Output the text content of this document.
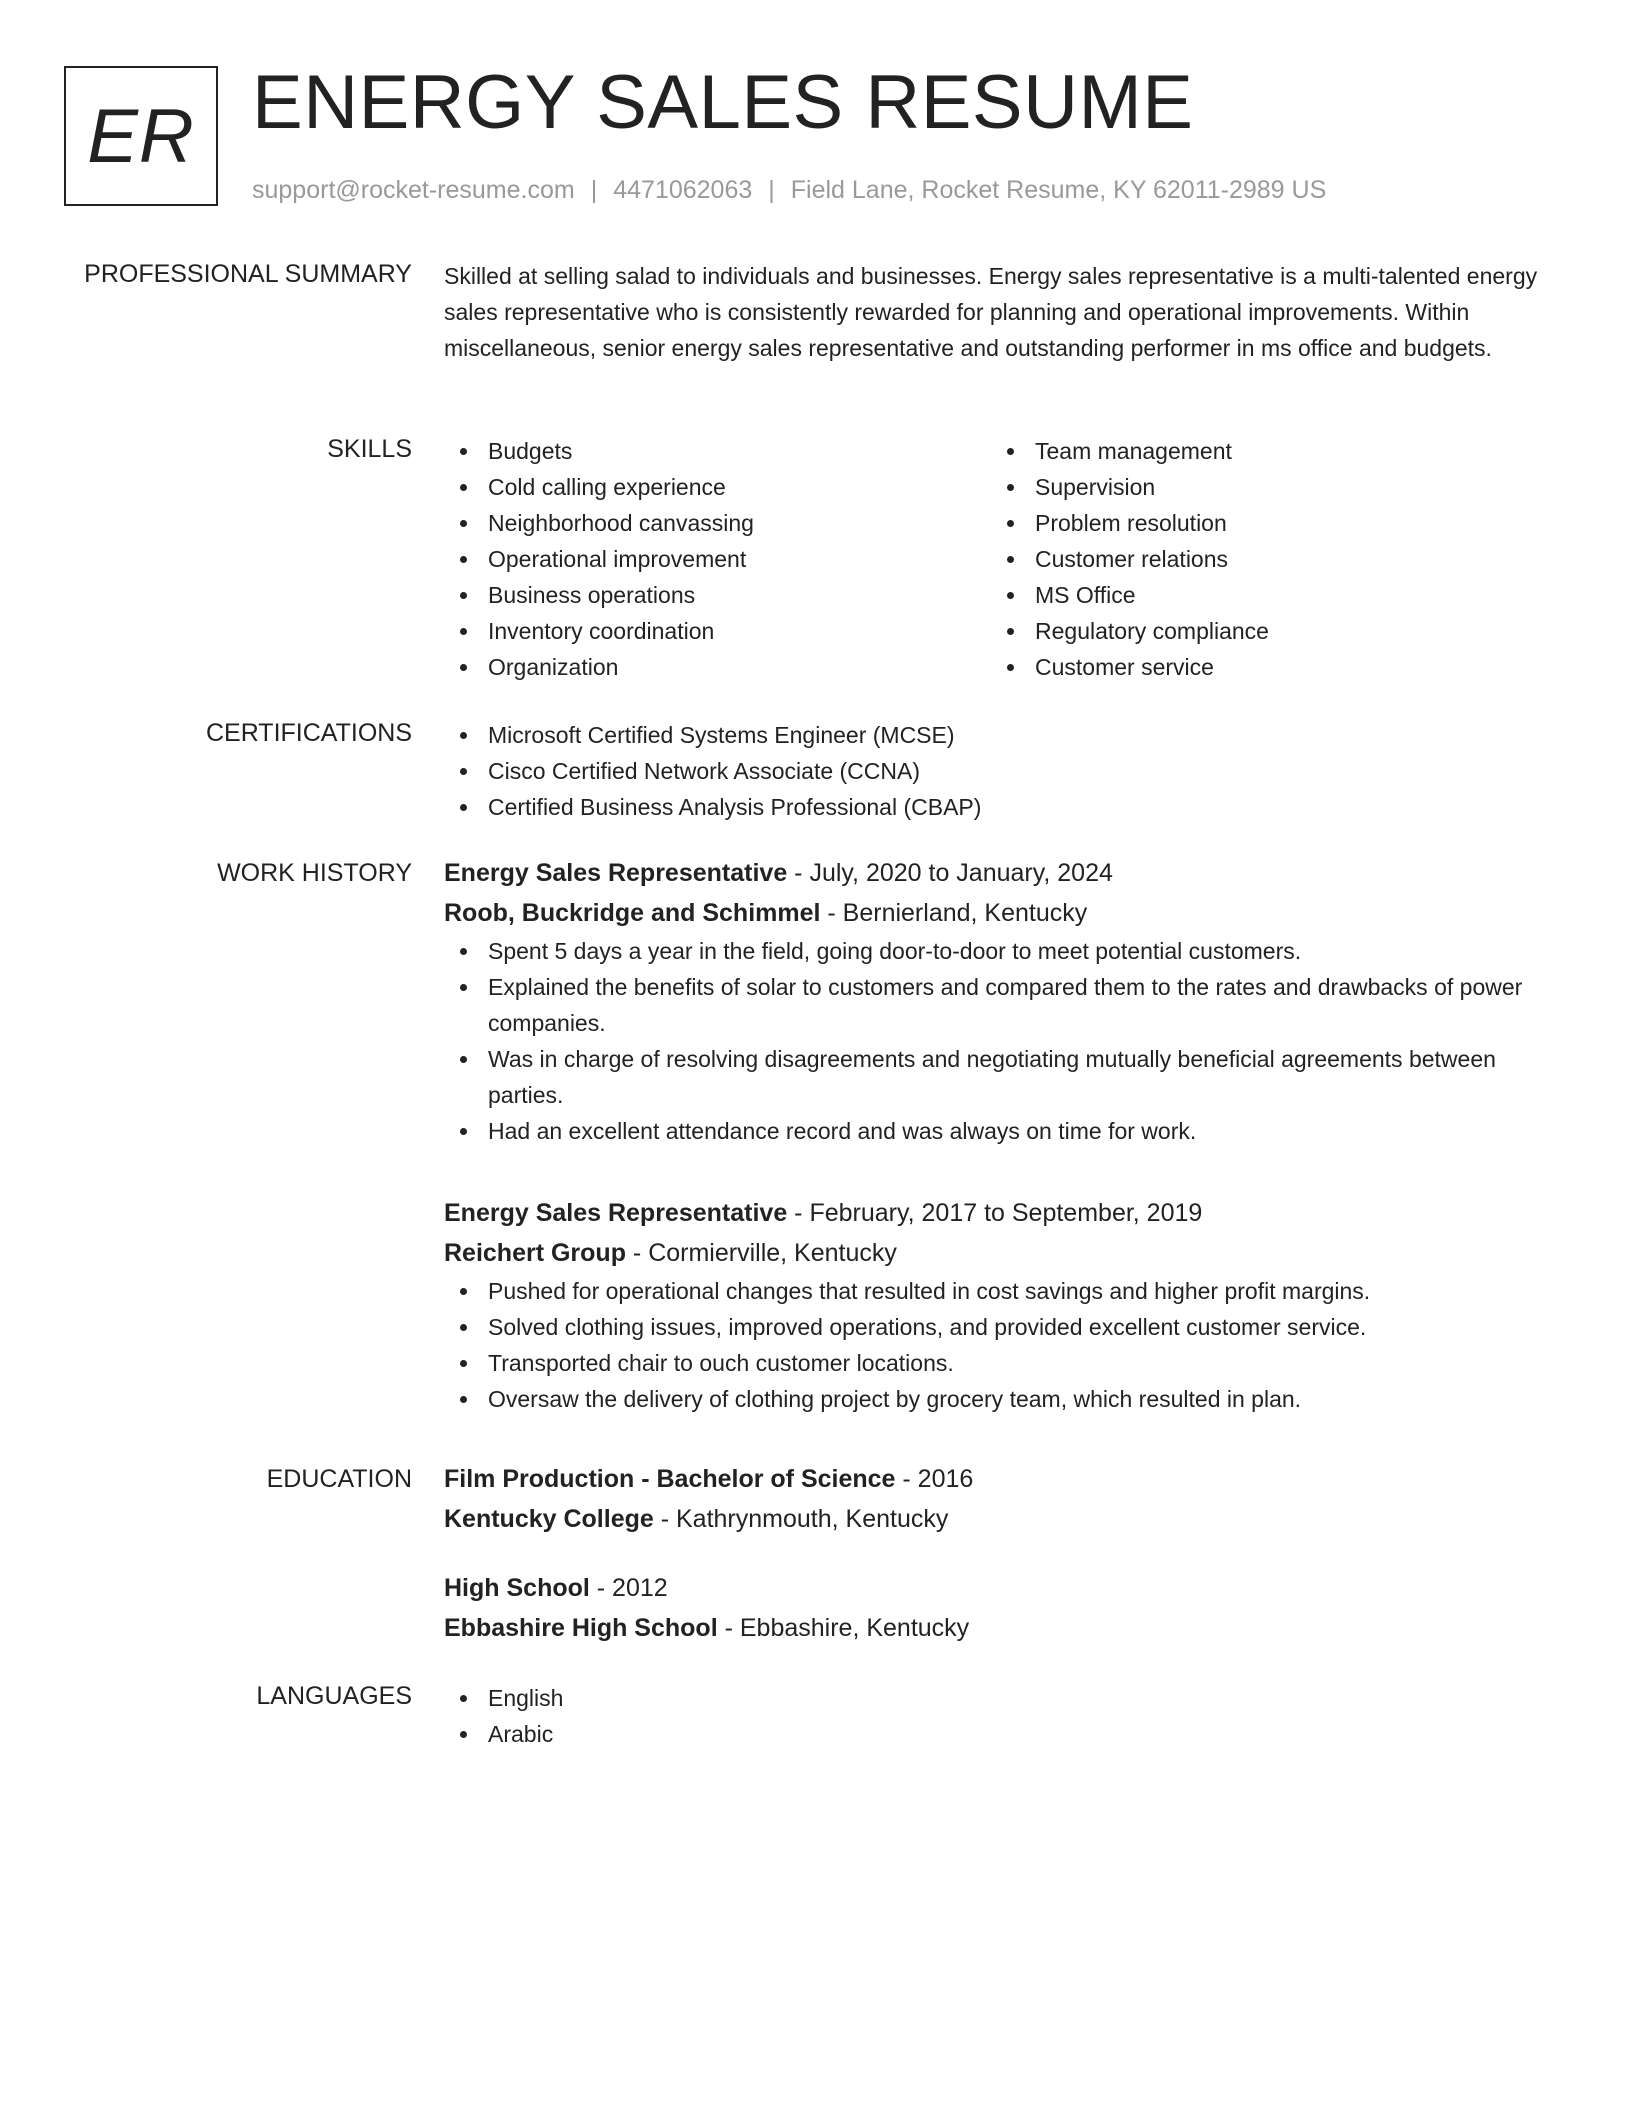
ER ENERGY SALES RESUME
support@rocket-resume.com | 4471062063 | Field Lane, Rocket Resume, KY 62011-2989 US
PROFESSIONAL SUMMARY Skilled at selling salad to individuals and businesses. Energy sales representative is a multi-talented energy sales representative who is consistently rewarded for planning and operational improvements. Within miscellaneous, senior energy sales representative and outstanding performer in ms office and budgets.

SKILLS	Budgets
Cold calling experience
Neighborhood canvassing
Operational improvement
Business operations
Inventory coordination
Organization
Team management
Supervision
Problem resolution
Customer relations
MS Office
Regulatory compliance
Customer service
CERTIFICATIONS	Microsoft Certified Systems Engineer (MCSE)
Cisco Certified Network Associate (CCNA)
Certified Business Analysis Professional (CBAP)
WORK HISTORY Energy Sales Representative - July, 2020 to January, 2024
Roob, Buckridge and Schimmel - Bernierland, Kentucky
Spent 5 days a year in the field, going door-to-door to meet potential customers.
Explained the benefits of solar to customers and compared them to the rates and drawbacks of power companies.
Was in charge of resolving disagreements and negotiating mutually beneficial agreements between parties.
Had an excellent attendance record and was always on time for work.
Energy Sales Representative - February, 2017 to September, 2019
Reichert Group - Cormierville, Kentucky
Pushed for operational changes that resulted in cost savings and higher profit margins.
Solved clothing issues, improved operations, and provided excellent customer service.
Transported chair to ouch customer locations.
Oversaw the delivery of clothing project by grocery team, which resulted in plan.
EDUCATION Film Production - Bachelor of Science - 2016
Kentucky College - Kathrynmouth, Kentucky
High School - 2012
Ebbashire High School - Ebbashire, Kentucky
LANGUAGES	English
Arabic
